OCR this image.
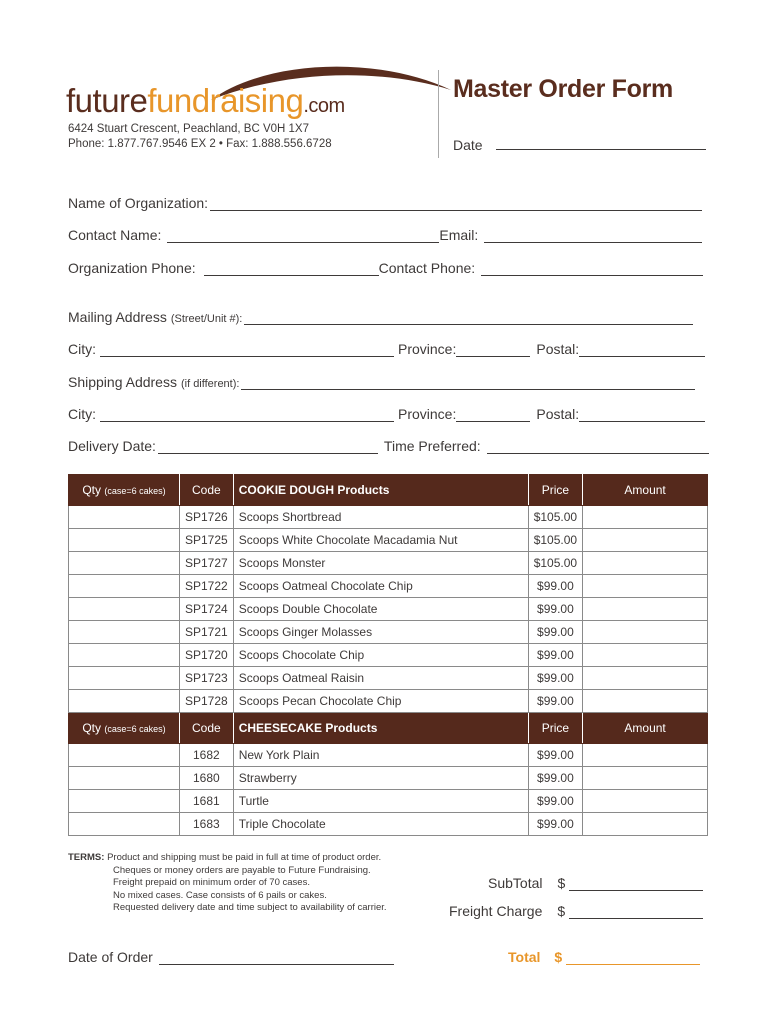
futurefundraising.com
6424 Stuart Crescent, Peachland, BC V0H 1X7
Phone: 1.877.767.9546 EX 2 • Fax: 1.888.556.6728
Master Order Form
Date
Name of Organization:
Contact Name:	Email:
Organization Phone:	Contact Phone:
Mailing Address (Street/Unit #):
City:	Province:	Postal:
Shipping Address (if different):
City:	Province:	Postal:
Delivery Date:	Time Preferred:
Qty (case=6 cakes)	Code	COOKIE DOUGH Products	Price	Amount
	SP1726	Scoops Shortbread	$105.00	
	SP1725	Scoops White Chocolate Macadamia Nut	$105.00	
	SP1727	Scoops Monster	$105.00	
	SP1722	Scoops Oatmeal Chocolate Chip	$99.00	
	SP1724	Scoops Double Chocolate	$99.00	
	SP1721	Scoops Ginger Molasses	$99.00	
	SP1720	Scoops Chocolate Chip	$99.00	
	SP1723	Scoops Oatmeal Raisin	$99.00	
	SP1728	Scoops Pecan Chocolate Chip	$99.00	
Qty (case=6 cakes)	Code	CHEESECAKE Products	Price	Amount
	1682	New York Plain	$99.00	
	1680	Strawberry	$99.00	
	1681	Turtle	$99.00	
	1683	Triple Chocolate	$99.00	
TERMS: Product and shipping must be paid in full at time of product order.
Cheques or money orders are payable to Future Fundraising.
Freight prepaid on minimum order of 70 cases.
No mixed cases. Case consists of 6 pails or cakes.
Requested delivery date and time subject to availability of carrier.
SubTotal $
Freight Charge $
Total $
Date of Order
